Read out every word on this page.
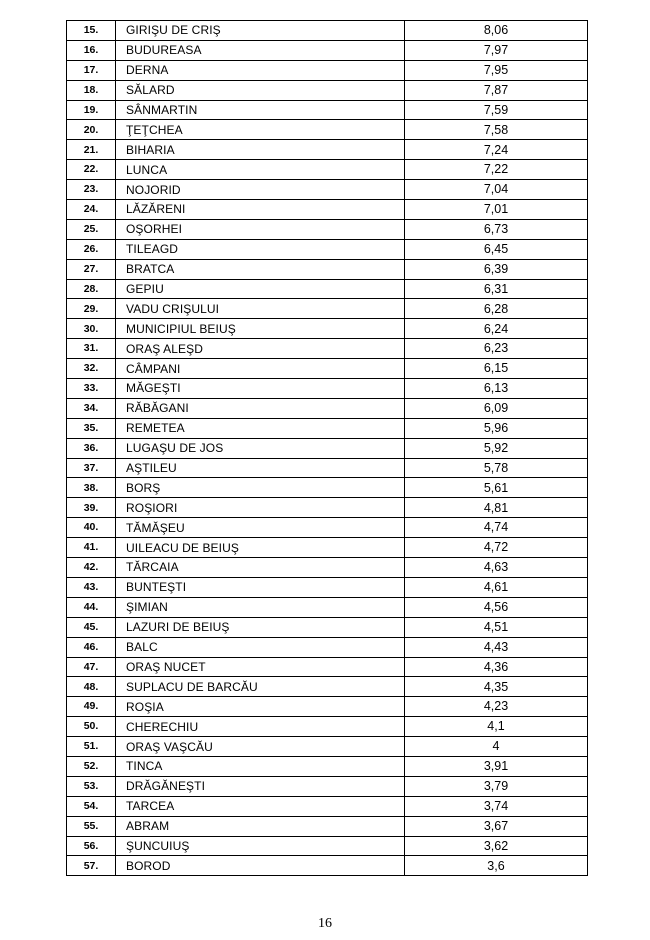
15.	GIRIŞU DE CRIŞ	8,06
16.	BUDUREASA	7,97
17.	DERNA	7,95
18.	SĂLARD	7,87
19.	SÂNMARTIN	7,59
20.	ŢEŢCHEA	7,58
21.	BIHARIA	7,24
22.	LUNCA	7,22
23.	NOJORID	7,04
24.	LĂZĂRENI	7,01
25.	OŞORHEI	6,73
26.	TILEAGD	6,45
27.	BRATCA	6,39
28.	GEPIU	6,31
29.	VADU CRIŞULUI	6,28
30.	MUNICIPIUL BEIUŞ	6,24
31.	ORAŞ ALEŞD	6,23
32.	CÂMPANI	6,15
33.	MĂGEŞTI	6,13
34.	RĂBĂGANI	6,09
35.	REMETEA	5,96
36.	LUGAŞU DE JOS	5,92
37.	AŞTILEU	5,78
38.	BORŞ	5,61
39.	ROŞIORI	4,81
40.	TĂMĂŞEU	4,74
41.	UILEACU DE BEIUŞ	4,72
42.	TĂRCAIA	4,63
43.	BUNTEŞTI	4,61
44.	ŞIMIAN	4,56
45.	LAZURI DE BEIUŞ	4,51
46.	BALC	4,43
47.	ORAŞ NUCET	4,36
48.	SUPLACU DE BARCĂU	4,35
49.	ROŞIA	4,23
50.	CHERECHIU	4,1
51.	ORAŞ VAŞCĂU	4
52.	TINCA	3,91
53.	DRĂGĂNEŞTI	3,79
54.	TARCEA	3,74
55.	ABRAM	3,67
56.	ŞUNCUIUŞ	3,62
57.	BOROD	3,6
16
